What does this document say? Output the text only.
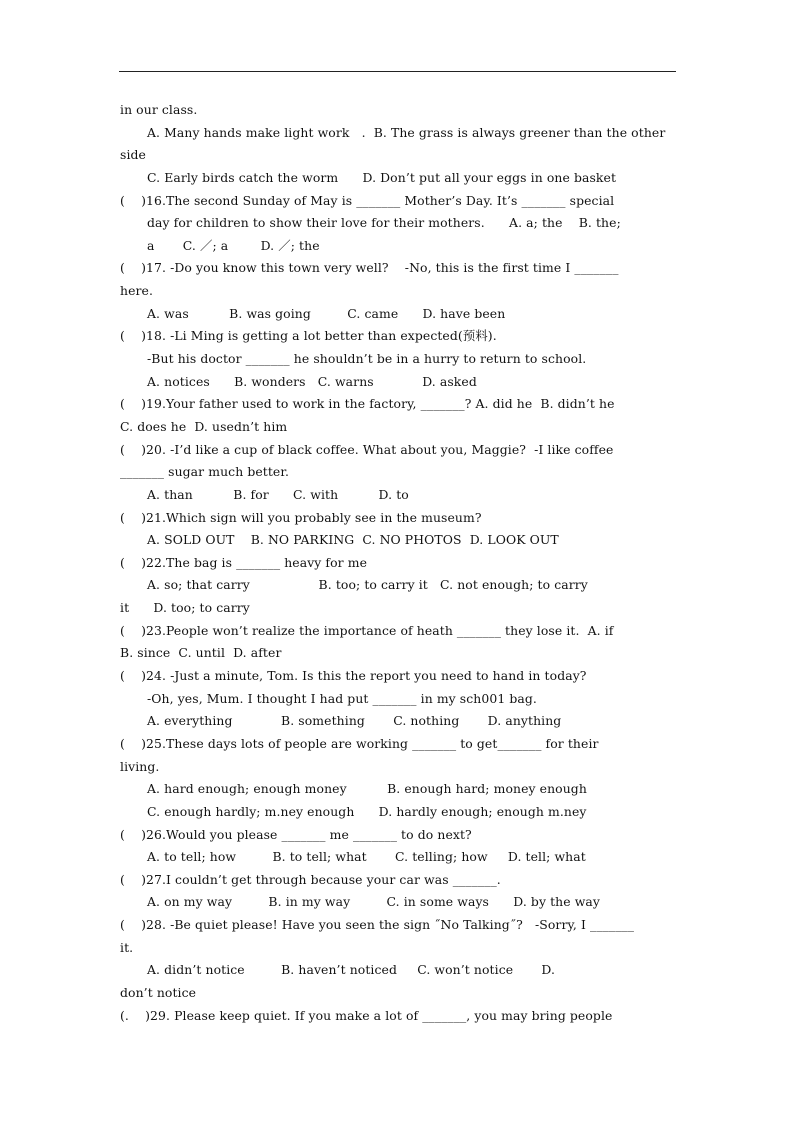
in our class.
A. Many hands make light work   .  B. The grass is always greener than the other
side
C. Early birds catch the worm      D. Don’t put all your eggs in one basket
(    )16.The second Sunday of May is _______ Mother’s Day. It’s _______ special
day for children to show their love for their mothers.      A. a; the    B. the;
a       C. ／; a        D. ／; the
(    )17. -Do you know this town very well?    -No, this is the first time I _______
here.
A. was          B. was going         C. came      D. have been
(    )18. -Li Ming is getting a lot better than expected(预料).
-But his doctor _______ he shouldn’t be in a hurry to return to school.
A. notices      B. wonders   C. warns            D. asked
(    )19.Your father used to work in the factory, _______? A. did he  B. didn’t he
C. does he  D. usedn’t him
(    )20. -I’d like a cup of black coffee. What about you, Maggie?  -I like coffee
_______ sugar much better.
A. than          B. for      C. with          D. to
(    )21.Which sign will you probably see in the museum?
A. SOLD OUT    B. NO PARKING  C. NO PHOTOS  D. LOOK OUT
(    )22.The bag is _______ heavy for me
A. so; that carry                 B. too; to carry it   C. not enough; to carry
it      D. too; to carry
(    )23.People won’t realize the importance of heath _______ they lose it.  A. if
B. since  C. until  D. after
(    )24. -Just a minute, Tom. Is this the report you need to hand in today?
-Oh, yes, Mum. I thought I had put _______ in my sch001 bag.
A. everything            B. something       C. nothing       D. anything
(    )25.These days lots of people are working _______ to get_______ for their
living.
A. hard enough; enough money          B. enough hard; money enough
C. enough hardly; m.ney enough      D. hardly enough; enough m.ney
(    )26.Would you please _______ me _______ to do next?
A. to tell; how         B. to tell; what       C. telling; how     D. tell; what
(    )27.I couldn’t get through because your car was _______.
A. on my way         B. in my way         C. in some ways      D. by the way
(    )28. -Be quiet please! Have you seen the sign ˝No Talking˝?   -Sorry, I _______
it.
A. didn’t notice         B. haven’t noticed     C. won’t notice       D.
don’t notice
(.    )29. Please keep quiet. If you make a lot of _______, you may bring people
